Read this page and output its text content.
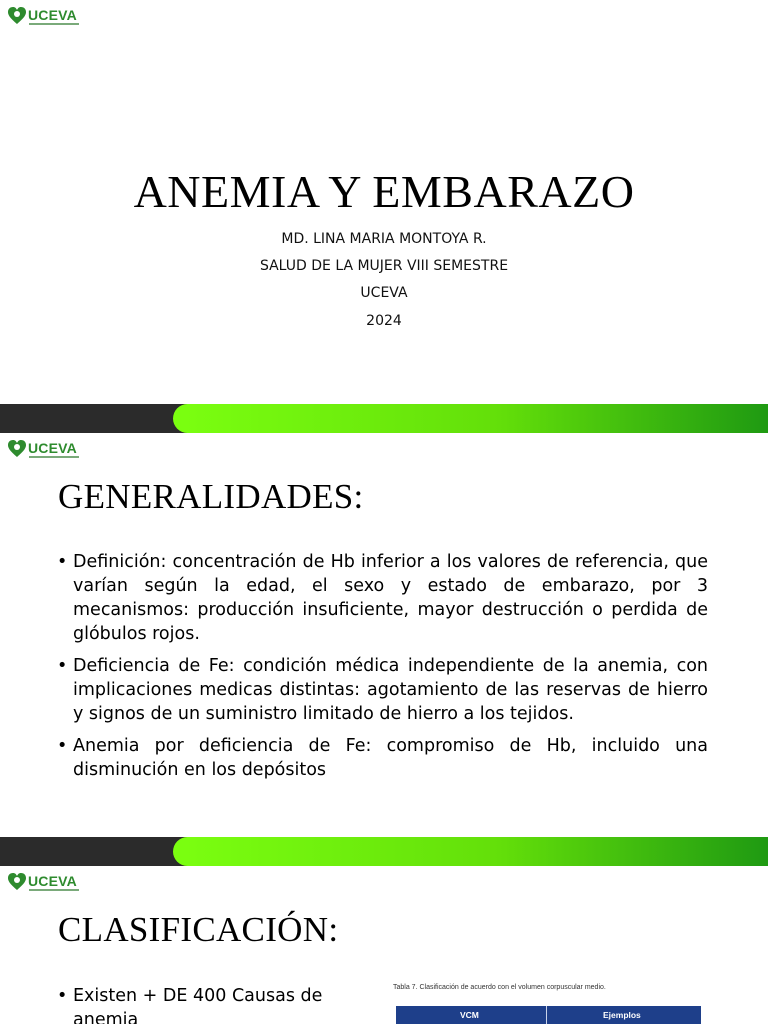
UCEVA
ANEMIA Y EMBARAZO
MD. LINA MARIA MONTOYA R.
SALUD DE LA MUJER VIII SEMESTRE
UCEVA
2024
UCEVA
GENERALIDADES:
• Definición: concentración de Hb inferior a los valores de referencia, que varían según la edad, el sexo y estado de embarazo, por 3 mecanismos: producción insuficiente, mayor destrucción o perdida de glóbulos rojos.
• Deficiencia de Fe: condición médica independiente de la anemia, con implicaciones medicas distintas: agotamiento de las reservas de hierro y signos de un suministro limitado de hierro a los tejidos.
• Anemia por deficiencia de Fe: compromiso de Hb, incluido una disminución en los depósitos
UCEVA
CLASIFICACIÓN:
• Existen + DE 400 Causas de anemia
Tabla 7. Clasificación de acuerdo con el volumen corpuscular medio.
VCM	Ejemplos
